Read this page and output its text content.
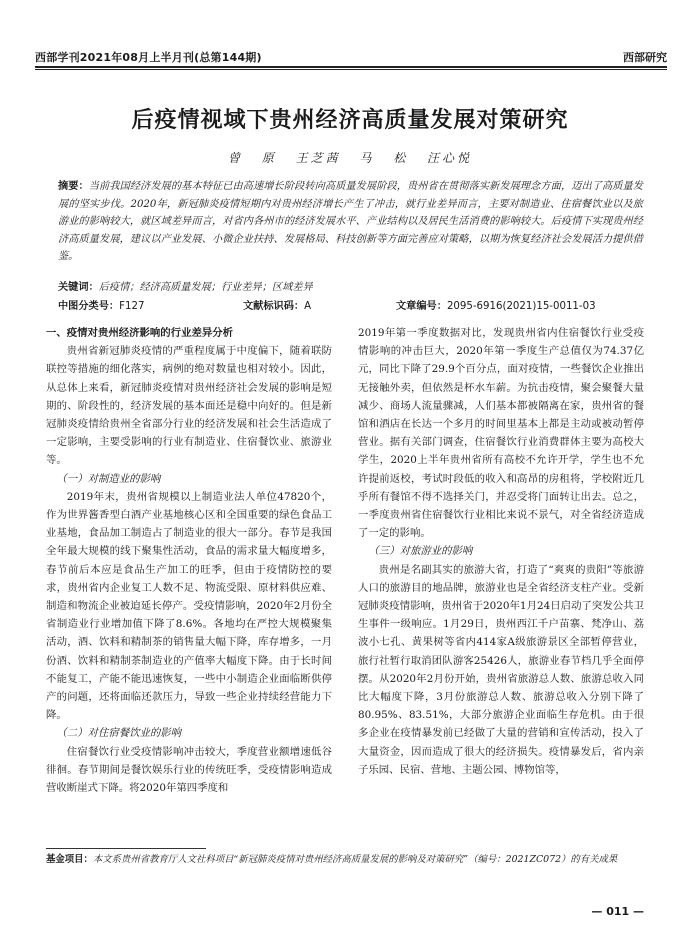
西部学刊2021年08月上半月刊(总第144期)	西部研究
后疫情视域下贵州经济高质量发展对策研究
曾 原 王芝茜 马 松 汪心悦
摘要：当前我国经济发展的基本特征已由高速增长阶段转向高质量发展阶段，贵州省在贯彻落实新发展理念方面，迈出了高质量发展的坚实步伐。2020年，新冠肺炎疫情短期内对贵州经济增长产生了冲击，就行业差异而言，主要对制造业、住宿餐饮业以及旅游业的影响较大，就区域差异而言，对省内各州市的经济发展水平、产业结构以及居民生活消费的影响较大。后疫情下实现贵州经济高质量发展，建议以产业发展、小微企业扶持、发展格局、科技创新等方面完善应对策略，以期为恢复经济社会发展活力提供借鉴。
关键词：后疫情；经济高质量发展；行业差异；区域差异
中图分类号：F127	文献标识码：A	文章编号：2095-6916(2021)15-0011-03

一、疫情对贵州经济影响的行业差异分析

贵州省新冠肺炎疫情的严重程度属于中度偏下，随着联防联控等措施的细化落实，病例的绝对数量也相对较小。因此，从总体上来看，新冠肺炎疫情对贵州经济社会发展的影响是短期的、阶段性的，经济发展的基本面还是稳中向好的。但是新冠肺炎疫情给贵州全省部分行业的经济发展和社会生活造成了一定影响，主要受影响的行业有制造业、住宿餐饮业、旅游业等。

（一）对制造业的影响

2019年末，贵州省规模以上制造业法人单位47820个，作为世界酱香型白酒产业基地核心区和全国重要的绿色食品工业基地，食品加工制造占了制造业的很大一部分。春节是我国全年最大规模的线下聚集性活动，食品的需求量大幅度增多，春节前后本应是食品生产加工的旺季，但由于疫情防控的要求，贵州省内企业复工人数不足、物流受限、原材料供应难、制造和物流企业被迫延长停产。受疫情影响，2020年2月份全省制造业行业增加值下降了8.6%。各地均在严控大规模聚集活动，酒、饮料和精制茶的销售量大幅下降，库存增多，一月份酒、饮料和精制茶制造业的产值率大幅度下降。由于长时间不能复工，产能不能迅速恢复，一些中小制造企业面临断供停产的问题，还将面临还款压力，导致一些企业持续经营能力下降。

（二）对住宿餐饮业的影响

住宿餐饮行业受疫情影响冲击较大，季度营业额增速低谷徘徊。春节期间是餐饮娱乐行业的传统旺季，受疫情影响造成营收断崖式下降。将2020年第四季度和

2019年第一季度数据对比，发现贵州省内住宿餐饮行业受疫情影响的冲击巨大，2020年第一季度生产总值仅为74.37亿元，同比下降了29.9个百分点，面对疫情，一些餐饮企业推出无接触外卖，但依然是杯水车薪。为抗击疫情，聚会聚餐大量减少、商场人流量骤减，人们基本都被隔离在家，贵州省的餐馆和酒店在长达一个多月的时间里基本上都是主动或被动暂停营业。据有关部门调查，住宿餐饮行业消费群体主要为高校大学生，2020上半年贵州省所有高校不允许开学，学生也不允许提前返校，考试时段低的收入和高昂的房租将，学校附近几乎所有餐馆不得不选择关门，并忍受将门面转让出去。总之，一季度贵州省住宿餐饮行业相比来说不景气，对全省经济造成了一定的影响。

（三）对旅游业的影响

贵州是名副其实的旅游大省，打造了“爽爽的贵阳”等旅游人口的旅游目的地品牌，旅游业也是全省经济支柱产业。受新冠肺炎疫情影响，贵州省于2020年1月24日启动了突发公共卫生事件一级响应。1月29日，贵州西江千户苗寨、梵净山、荔波小七孔、黄果树等省内414家A级旅游景区全部暂停营业，旅行社暂行取消团队游客25426人，旅游业春节档几乎全面停摆。从2020年2月份开始，贵州省旅游总人数、旅游总收入同比大幅度下降，3月份旅游总人数、旅游总收入分别下降了80.95%、83.51%，大部分旅游企业面临生存危机。由于很多企业在疫情暴发前已经做了大量的营销和宣传活动，投入了大量资金，因而造成了很大的经济损失。疫情暴发后，省内亲子乐园、民宿、营地、主题公园、博物馆等，

基金项目：本文系贵州省教育厅人文社科项目“新冠肺炎疫情对贵州经济高质量发展的影响及对策研究”（编号：2021ZC072）的有关成果
— 011 —
